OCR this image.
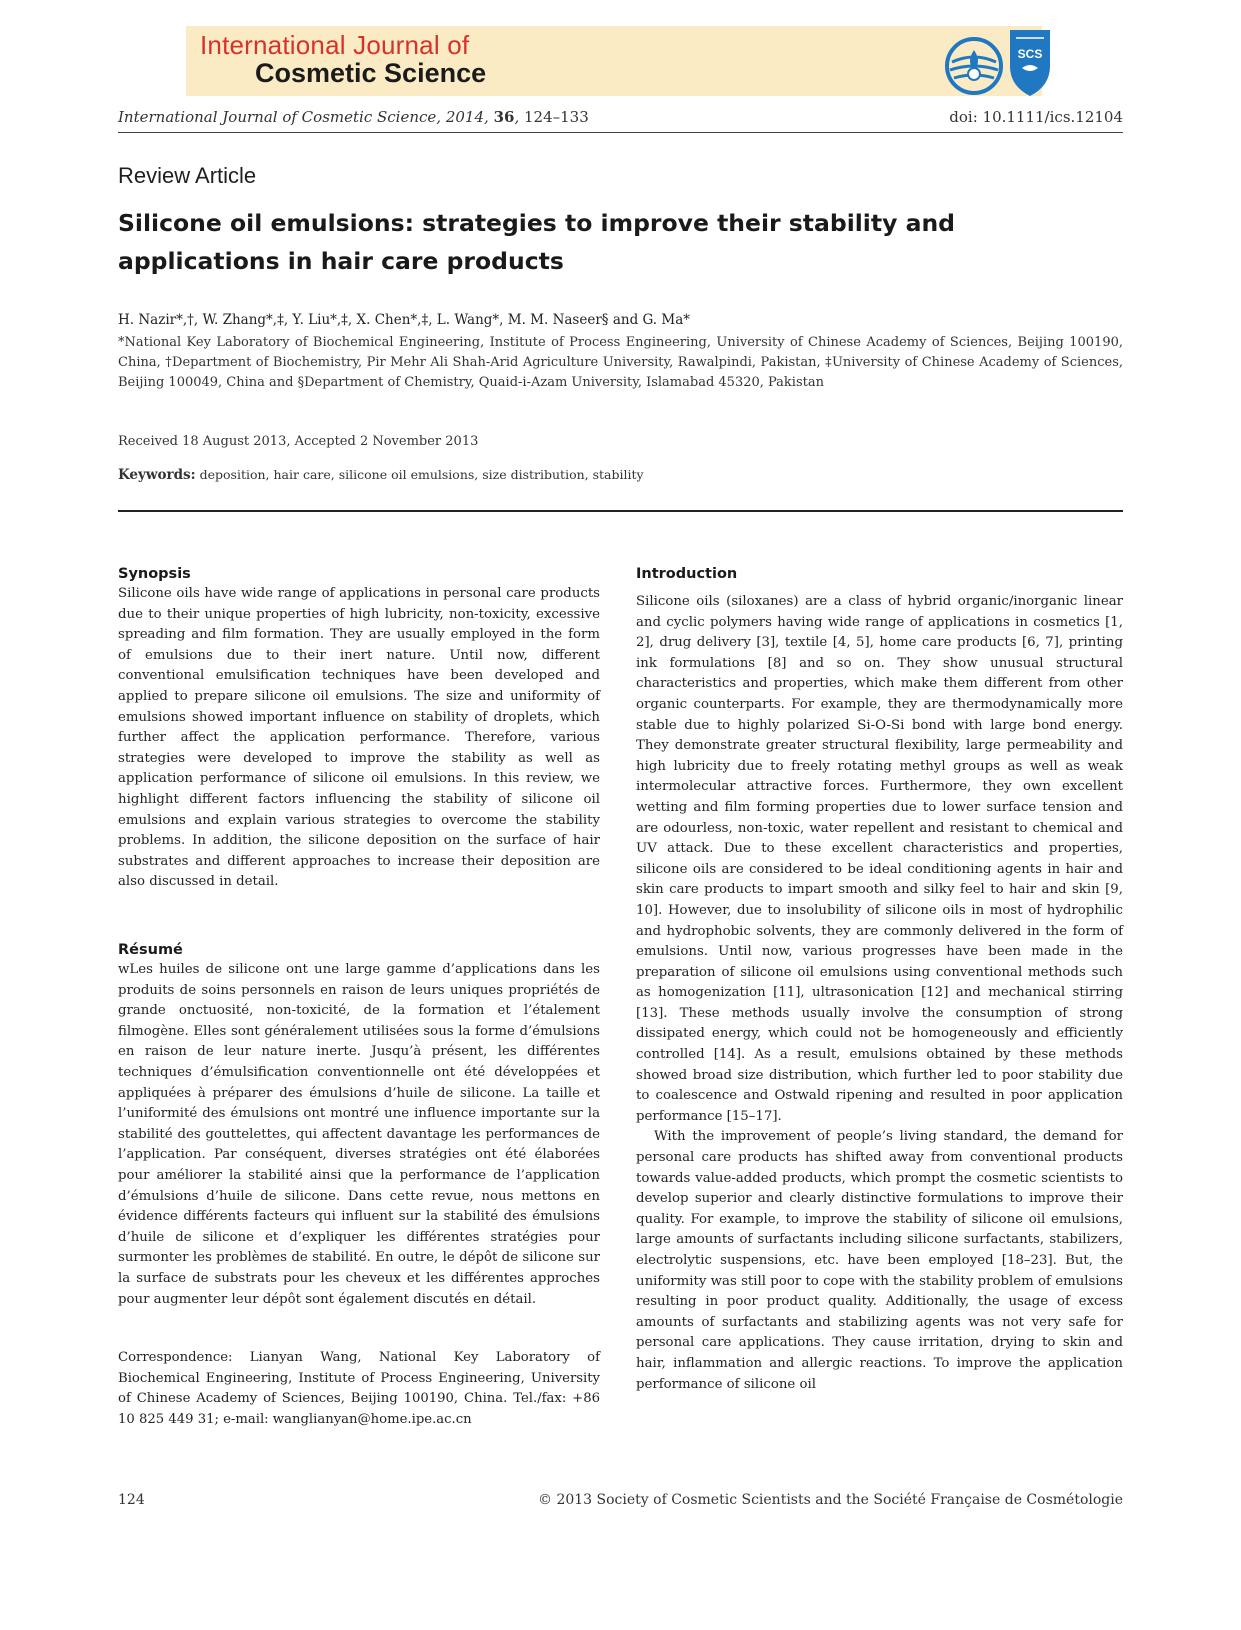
International Journal of
Cosmetic Science
SCS
International Journal of Cosmetic Science, 2014, 36, 124–133	doi: 10.1111/ics.12104
Review Article
Silicone oil emulsions: strategies to improve their stability and applications in hair care products
H. Nazir*,†, W. Zhang*,‡, Y. Liu*,‡, X. Chen*,‡, L. Wang*, M. M. Naseer§ and G. Ma*
*National Key Laboratory of Biochemical Engineering, Institute of Process Engineering, University of Chinese Academy of Sciences, Beijing 100190, China, †Department of Biochemistry, Pir Mehr Ali Shah-Arid Agriculture University, Rawalpindi, Pakistan, ‡University of Chinese Academy of Sciences, Beijing 100049, China and §Department of Chemistry, Quaid-i-Azam University, Islamabad 45320, Pakistan
Received 18 August 2013, Accepted 2 November 2013
Keywords: deposition, hair care, silicone oil emulsions, size distribution, stability
Synopsis

Silicone oils have wide range of applications in personal care products due to their unique properties of high lubricity, non-toxicity, excessive spreading and film formation. They are usually employed in the form of emulsions due to their inert nature. Until now, different conventional emulsification techniques have been developed and applied to prepare silicone oil emulsions. The size and uniformity of emulsions showed important influence on stability of droplets, which further affect the application performance. Therefore, various strategies were developed to improve the stability as well as application performance of silicone oil emulsions. In this review, we highlight different factors influencing the stability of silicone oil emulsions and explain various strategies to overcome the stability problems. In addition, the silicone deposition on the surface of hair substrates and different approaches to increase their deposition are also discussed in detail.

Résumé

wLes huiles de silicone ont une large gamme d’applications dans les produits de soins personnels en raison de leurs uniques propriétés de grande onctuosité, non-toxicité, de la formation et l’étalement filmogène. Elles sont généralement utilisées sous la forme d’émulsions en raison de leur nature inerte. Jusqu’à présent, les différentes techniques d’émulsification conventionnelle ont été développées et appliquées à préparer des émulsions d’huile de silicone. La taille et l’uniformité des émulsions ont montré une influence importante sur la stabilité des gouttelettes, qui affectent davantage les performances de l’application. Par conséquent, diverses stratégies ont été élaborées pour améliorer la stabilité ainsi que la performance de l’application d’émulsions d’huile de silicone. Dans cette revue, nous mettons en évidence différents facteurs qui influent sur la stabilité des émulsions d’huile de silicone et d’expliquer les différentes stratégies pour surmonter les problèmes de stabilité. En outre, le dépôt de silicone sur la surface de substrats pour les cheveux et les différentes approches pour augmenter leur dépôt sont également discutés en détail.

Correspondence: Lianyan Wang, National Key Laboratory of Biochemical Engineering, Institute of Process Engineering, University of Chinese Academy of Sciences, Beijing 100190, China. Tel./fax: +86 10 825 449 31; e-mail: wanglianyan@home.ipe.ac.cn
Introduction

Silicone oils (siloxanes) are a class of hybrid organic/inorganic linear and cyclic polymers having wide range of applications in cosmetics [1, 2], drug delivery [3], textile [4, 5], home care products [6, 7], printing ink formulations [8] and so on. They show unusual structural characteristics and properties, which make them different from other organic counterparts. For example, they are thermodynamically more stable due to highly polarized Si-O-Si bond with large bond energy. They demonstrate greater structural flexibility, large permeability and high lubricity due to freely rotating methyl groups as well as weak intermolecular attractive forces. Furthermore, they own excellent wetting and film forming properties due to lower surface tension and are odourless, non-toxic, water repellent and resistant to chemical and UV attack. Due to these excellent characteristics and properties, silicone oils are considered to be ideal conditioning agents in hair and skin care products to impart smooth and silky feel to hair and skin [9, 10]. However, due to insolubility of silicone oils in most of hydrophilic and hydrophobic solvents, they are commonly delivered in the form of emulsions. Until now, various progresses have been made in the preparation of silicone oil emulsions using conventional methods such as homogenization [11], ultrasonication [12] and mechanical stirring [13]. These methods usually involve the consumption of strong dissipated energy, which could not be homogeneously and efficiently controlled [14]. As a result, emulsions obtained by these methods showed broad size distribution, which further led to poor stability due to coalescence and Ostwald ripening and resulted in poor application performance [15–17].

With the improvement of people’s living standard, the demand for personal care products has shifted away from conventional products towards value-added products, which prompt the cosmetic scientists to develop superior and clearly distinctive formulations to improve their quality. For example, to improve the stability of silicone oil emulsions, large amounts of surfactants including silicone surfactants, stabilizers, electrolytic suspensions, etc. have been employed [18–23]. But, the uniformity was still poor to cope with the stability problem of emulsions resulting in poor product quality. Additionally, the usage of excess amounts of surfactants and stabilizing agents was not very safe for personal care applications. They cause irritation, drying to skin and hair, inflammation and allergic reactions. To improve the application performance of silicone oil

124	© 2013 Society of Cosmetic Scientists and the Société Française de Cosmétologie
